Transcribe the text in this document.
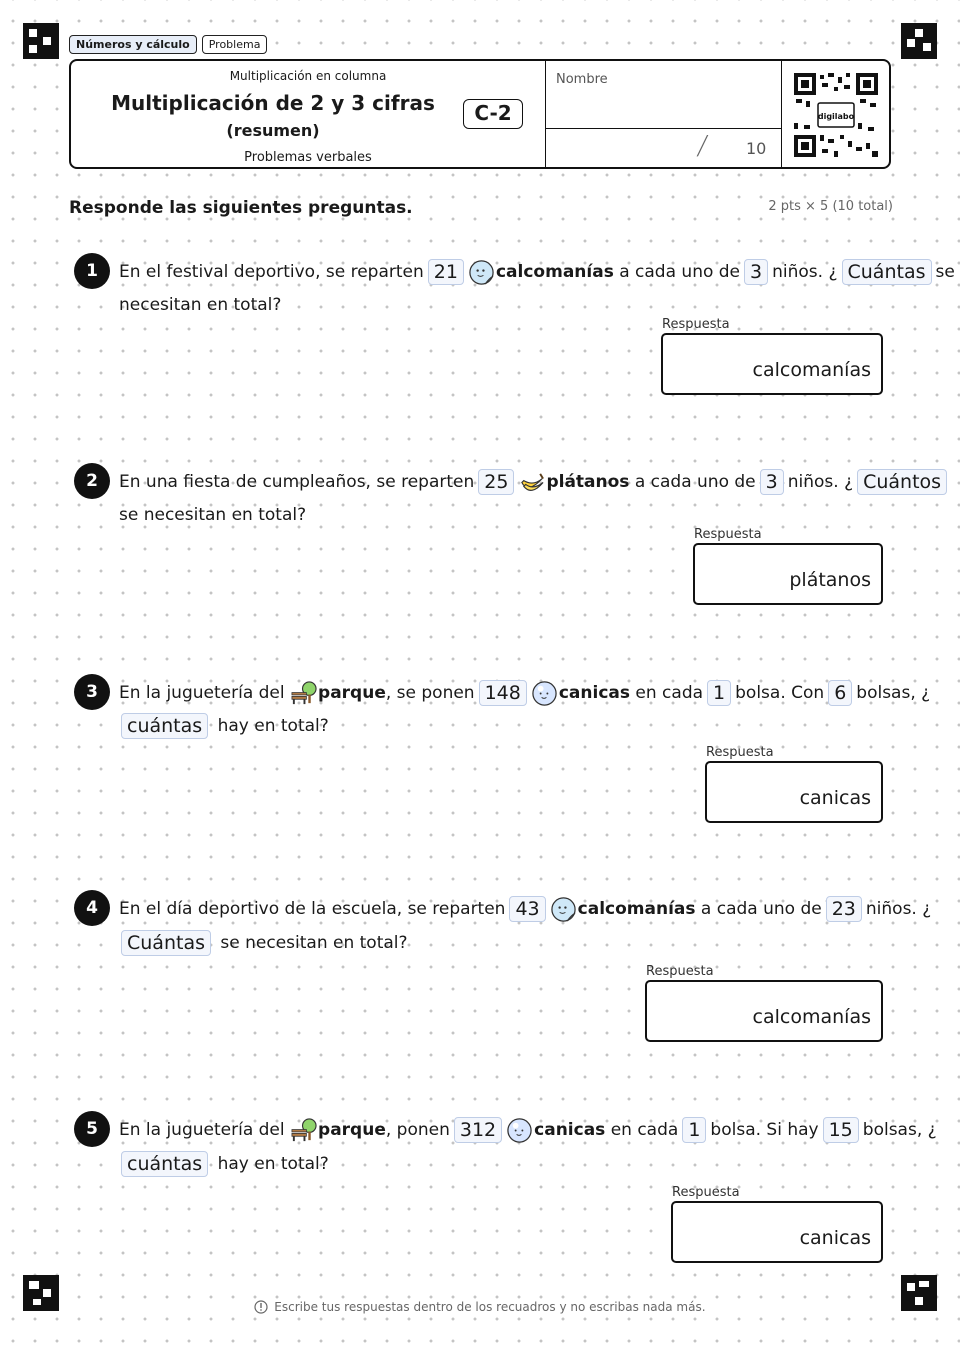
Números y cálculo	Problema
Multiplicación en columna
Multiplicación de 2 y 3 cifras
(resumen)
Problemas verbales
C-2
Nombre
/ 10
digilabo
Responde las siguientes preguntas.	2 pts × 5 (10 total)
1	En el festival deportivo, se reparten 21	calcomanías
a cada uno de 3 niños. ¿ Cuántas se
necesitan en total?
Respuesta
calcomanías
2	En una fiesta de cumpleaños, se reparten 25	plátanos
a cada uno de 3 niños. ¿ Cuántos
se necesitan en total?
Respuesta
plátanos
3	En la juguetería del
parque , se ponen 148	canicas
en cada 1 bolsa. Con 6 bolsas, ¿
cuántas
hay en total?
Respuesta
canicas
4	En el día deportivo de la escuela, se reparten 43	calcomanías
a cada uno de 23 niños. ¿
Cuántas
se necesitan en total?
Respuesta
calcomanías
5	En la juguetería del
parque , ponen 312	canicas
en cada 1 bolsa. Si hay 15 bolsas, ¿
cuántas
hay en total?
Respuesta
canicas
Escribe tus respuestas dentro de los recuadros y no escribas nada más.
